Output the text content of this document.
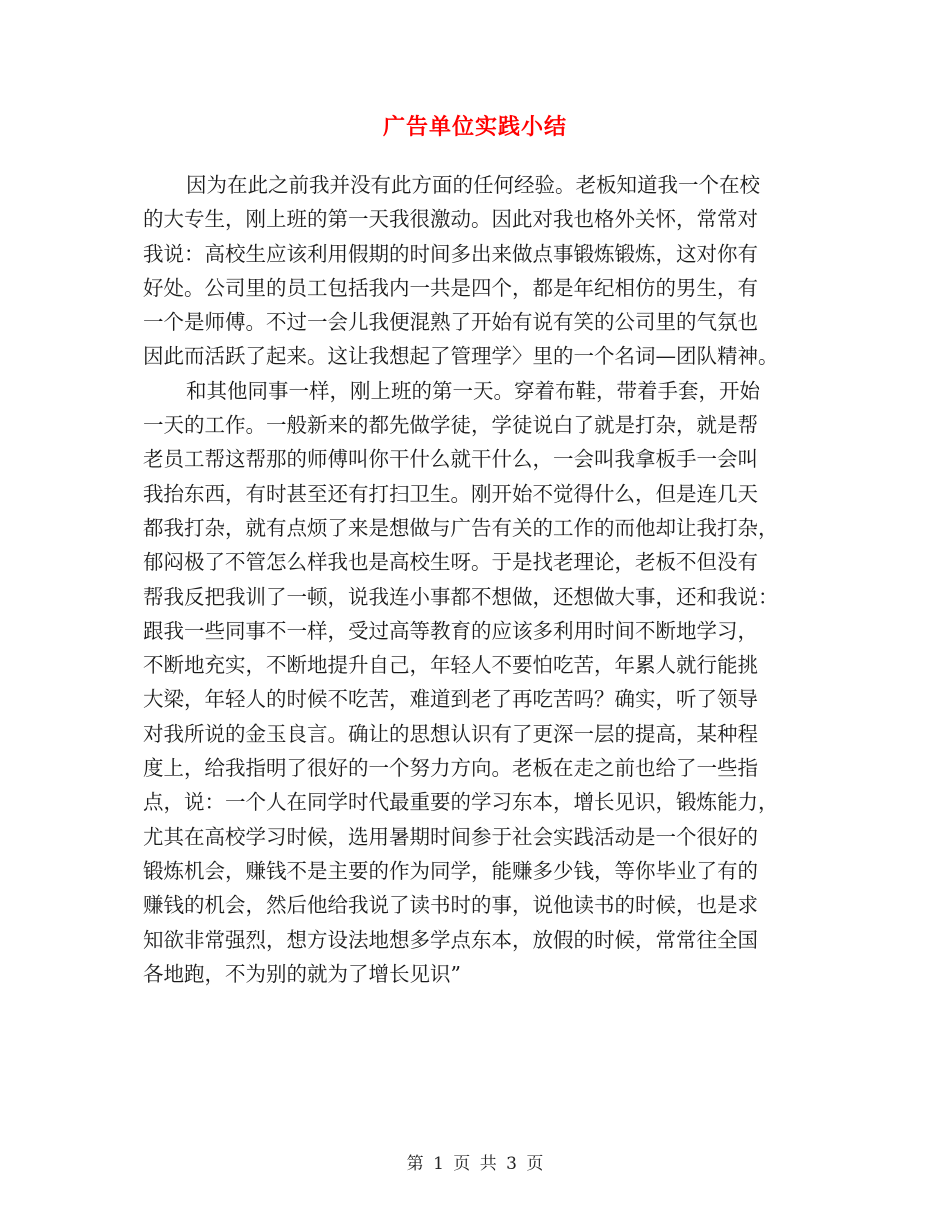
广告单位实践小结
因为在此之前我并没有此方面的任何经验。老板知道我一个在校
的大专生，刚上班的第一天我很激动。因此对我也格外关怀，常常对
我说：高校生应该利用假期的时间多出来做点事锻炼锻炼，这对你有
好处。公司里的员工包括我内一共是四个，都是年纪相仿的男生，有
一个是师傅。不过一会儿我便混熟了开始有说有笑的公司里的气氛也
因此而活跃了起来。这让我想起了管理学〉里的一个名词—团队精神。
和其他同事一样，刚上班的第一天。穿着布鞋，带着手套，开始
一天的工作。一般新来的都先做学徒，学徒说白了就是打杂，就是帮
老员工帮这帮那的师傅叫你干什么就干什么，一会叫我拿板手一会叫
我抬东西，有时甚至还有打扫卫生。刚开始不觉得什么，但是连几天
都我打杂，就有点烦了来是想做与广告有关的工作的而他却让我打杂，
郁闷极了不管怎么样我也是高校生呀。于是找老理论，老板不但没有
帮我反把我训了一顿，说我连小事都不想做，还想做大事，还和我说：
跟我一些同事不一样，受过高等教育的应该多利用时间不断地学习，
不断地充实，不断地提升自己，年轻人不要怕吃苦，年累人就行能挑
大梁，年轻人的时候不吃苦，难道到老了再吃苦吗？确实，听了领导
对我所说的金玉良言。确让的思想认识有了更深一层的提高，某种程
度上，给我指明了很好的一个努力方向。老板在走之前也给了一些指
点，说：一个人在同学时代最重要的学习东本，增长见识，锻炼能力，
尤其在高校学习时候，选用暑期时间参于社会实践活动是一个很好的
锻炼机会，赚钱不是主要的作为同学，能赚多少钱，等你毕业了有的
赚钱的机会，然后他给我说了读书时的事，说他读书的时候，也是求
知欲非常强烈，想方设法地想多学点东本，放假的时候，常常往全国
各地跑，不为别的就为了增长见识”
第 1 页 共 3 页
